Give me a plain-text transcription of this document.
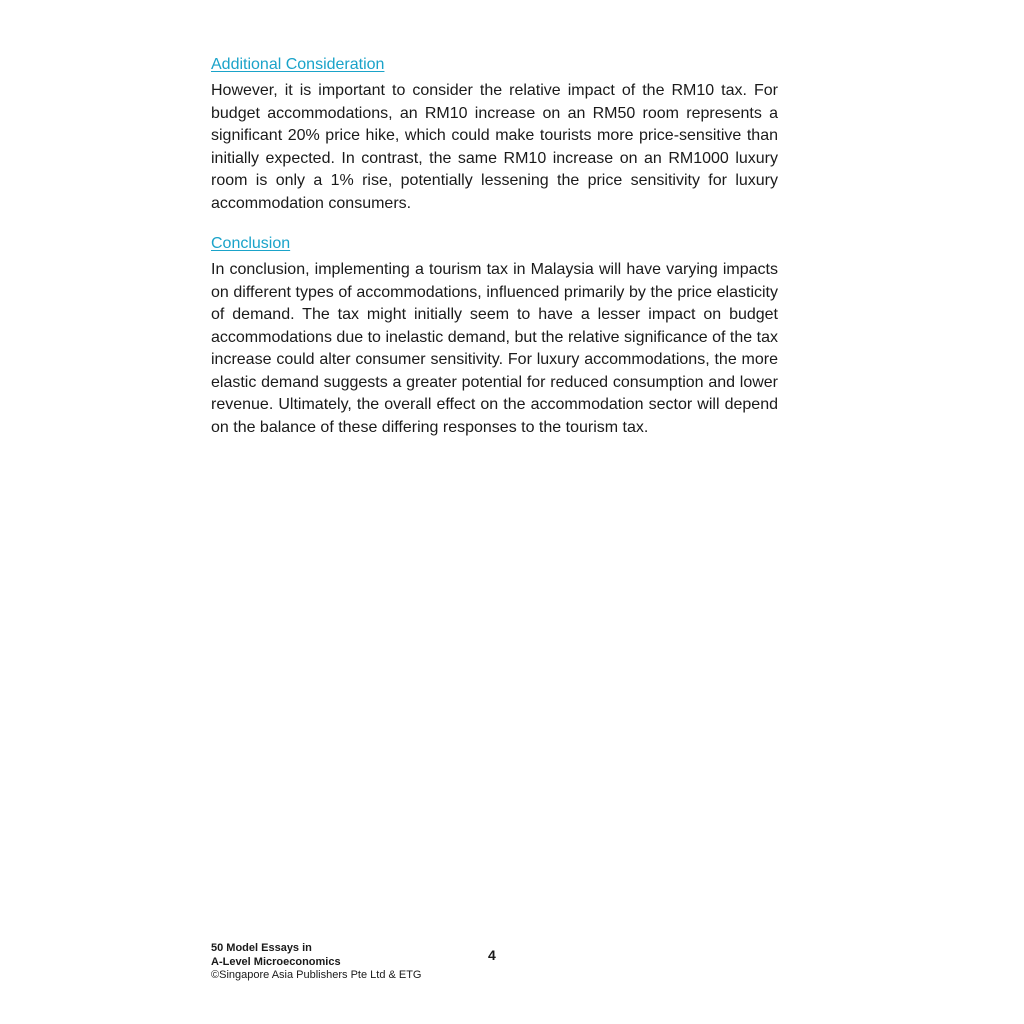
Additional Consideration

However, it is important to consider the relative impact of the RM10 tax. For budget accommodations, an RM10 increase on an RM50 room represents a significant 20% price hike, which could make tourists more price-sensitive than initially expected. In contrast, the same RM10 increase on an RM1000 luxury room is only a 1% rise, potentially lessening the price sensitivity for luxury accommodation consumers.

Conclusion

In conclusion, implementing a tourism tax in Malaysia will have varying impacts on different types of accommodations, influenced primarily by the price elasticity of demand. The tax might initially seem to have a lesser impact on budget accommodations due to inelastic demand, but the relative significance of the tax increase could alter consumer sensitivity. For luxury accommodations, the more elastic demand suggests a greater potential for reduced consumption and lower revenue. Ultimately, the overall effect on the accommodation sector will depend on the balance of these differing responses to the tourism tax.

50 Model Essays in
A-Level Microeconomics
©Singapore Asia Publishers Pte Ltd & ETG
4
